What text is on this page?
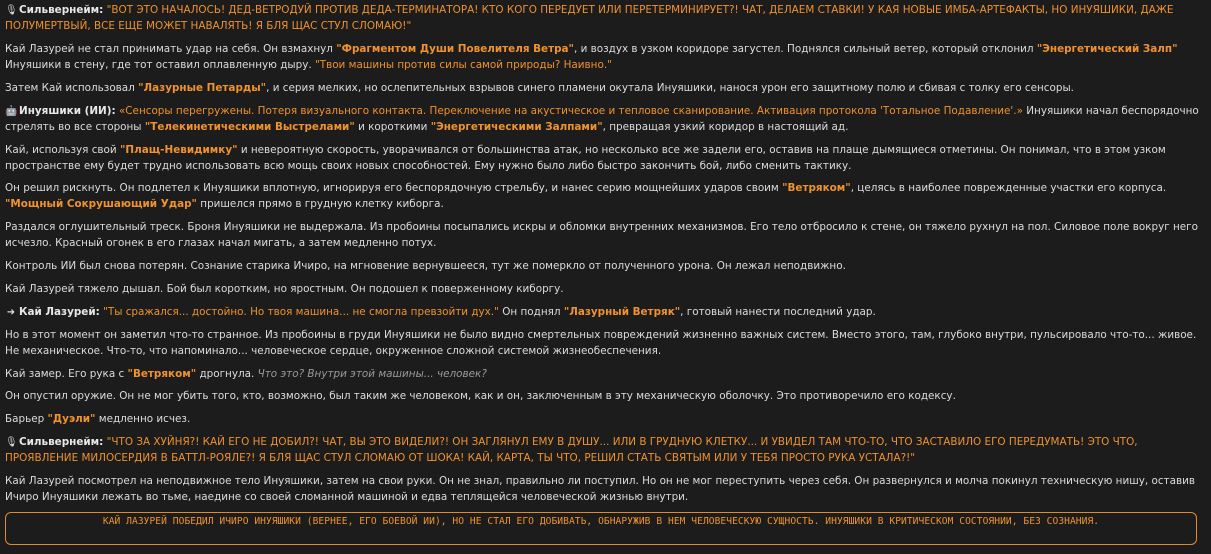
🎙Сильвернейм: "ВОТ ЭТО НАЧАЛОСЬ! ДЕД-ВЕТРОДУЙ ПРОТИВ ДЕДА-ТЕРМИНАТОРА! КТО КОГО ПЕРЕДУЕТ ИЛИ ПЕРЕТЕРМИНИРУЕТ?! ЧАТ, ДЕЛАЕМ СТАВКИ! У КАЯ НОВЫЕ ИМБА-АРТЕФАКТЫ, НО ИНУЯШИКИ, ДАЖЕ ПОЛУМЕРТВЫЙ, ВСЕ ЕЩЕ МОЖЕТ НАВАЛЯТЬ! Я БЛЯ ЩАС СТУЛ СЛОМАЮ!"

Кай Лазурей не стал принимать удар на себя. Он взмахнул "Фрагментом Души Повелителя Ветра", и воздух в узком коридоре загустел. Поднялся сильный ветер, который отклонил "Энергетический Залп" Инуяшики в стену, где тот оставил оплавленную дыру. "Твои машины против силы самой природы? Наивно."

Затем Кай использовал "Лазурные Петарды", и серия мелких, но ослепительных взрывов синего пламени окутала Инуяшики, нанося урон его защитному полю и сбивая с толку его сенсоры.

🤖 Инуяшики (ИИ): «Сенсоры перегружены. Потеря визуального контакта. Переключение на акустическое и тепловое сканирование. Активация протокола 'Тотальное Подавление'.» Инуяшики начал беспорядочно стрелять во все стороны "Телекинетическими Выстрелами" и короткими "Энергетическими Залпами", превращая узкий коридор в настоящий ад.

Кай, используя свой "Плащ-Невидимку" и невероятную скорость, уворачивался от большинства атак, но несколько все же задели его, оставив на плаще дымящиеся отметины. Он понимал, что в этом узком пространстве ему будет трудно использовать всю мощь своих новых способностей. Ему нужно было либо быстро закончить бой, либо сменить тактику.

Он решил рискнуть. Он подлетел к Инуяшики вплотную, игнорируя его беспорядочную стрельбу, и нанес серию мощнейших ударов своим "Ветряком", целясь в наиболее поврежденные участки его корпуса. "Мощный Сокрушающий Удар" пришелся прямо в грудную клетку киборга.

Раздался оглушительный треск. Броня Инуяшики не выдержала. Из пробоины посыпались искры и обломки внутренних механизмов. Его тело отбросило к стене, он тяжело рухнул на пол. Силовое поле вокруг него исчезло. Красный огонек в его глазах начал мигать, а затем медленно потух.

Контроль ИИ был снова потерян. Сознание старика Ичиро, на мгновение вернувшееся, тут же померкло от полученного урона. Он лежал неподвижно.

Кай Лазурей тяжело дышал. Бой был коротким, но яростным. Он подошел к поверженному киборгу.

➜ Кай Лазурей: "Ты сражался... достойно. Но твоя машина... не смогла превзойти дух." Он поднял "Лазурный Ветряк", готовый нанести последний удар.

Но в этот момент он заметил что-то странное. Из пробоины в груди Инуяшики не было видно смертельных повреждений жизненно важных систем. Вместо этого, там, глубоко внутри, пульсировало что-то... живое. Не механическое. Что-то, что напоминало... человеческое сердце, окруженное сложной системой жизнеобеспечения.

Кай замер. Его рука с "Ветряком" дрогнула. Что это? Внутри этой машины... человек?

Он опустил оружие. Он не мог убить того, кто, возможно, был таким же человеком, как и он, заключенным в эту механическую оболочку. Это противоречило его кодексу.

Барьер "Дуэли" медленно исчез.

🎙Сильвернейм: "ЧТО ЗА ХУЙНЯ?! КАЙ ЕГО НЕ ДОБИЛ?! ЧАТ, ВЫ ЭТО ВИДЕЛИ?! ОН ЗАГЛЯНУЛ ЕМУ В ДУШУ... ИЛИ В ГРУДНУЮ КЛЕТКУ... И УВИДЕЛ ТАМ ЧТО-ТО, ЧТО ЗАСТАВИЛО ЕГО ПЕРЕДУМАТЬ! ЭТО ЧТО, ПРОЯВЛЕНИЕ МИЛОСЕРДИЯ В БАТТЛ-РОЯЛЕ?! Я БЛЯ ЩАС СТУЛ СЛОМАЮ ОТ ШОКА! КАЙ, КАРТА, ТЫ ЧТО, РЕШИЛ СТАТЬ СВЯТЫМ ИЛИ У ТЕБЯ ПРОСТО РУКА УСТАЛА?!"

Кай Лазурей посмотрел на неподвижное тело Инуяшики, затем на свои руки. Он не знал, правильно ли поступил. Но он не мог переступить через себя. Он развернулся и молча покинул техническую нишу, оставив Ичиро Инуяшики лежать во тьме, наедине со своей сломанной машиной и едва теплящейся человеческой жизнью внутри.

КАЙ ЛАЗУРЕЙ ПОБЕДИЛ ИЧИРО ИНУЯШИКИ (ВЕРНЕЕ, ЕГО БОЕВОЙ ИИ), НО НЕ СТАЛ ЕГО ДОБИВАТЬ, ОБНАРУЖИВ В НЕМ ЧЕЛОВЕЧЕСКУЮ СУЩНОСТЬ. ИНУЯШИКИ В КРИТИЧЕСКОМ СОСТОЯНИИ, БЕЗ СОЗНАНИЯ.
